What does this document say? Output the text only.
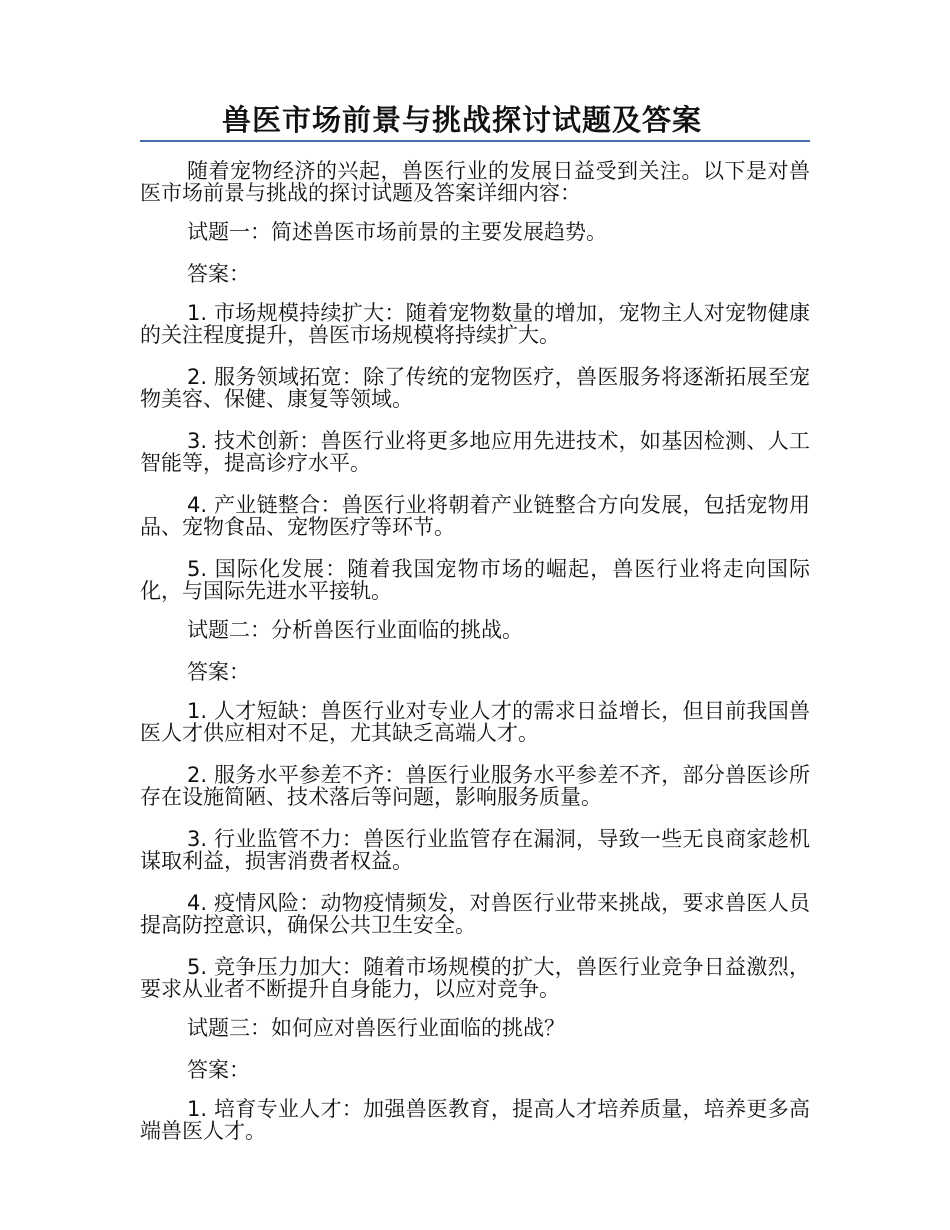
兽医市场前景与挑战探讨试题及答案

随着宠物经济的兴起，兽医行业的发展日益受到关注。以下是对兽医市场前景与挑战的探讨试题及答案详细内容：

试题一：简述兽医市场前景的主要发展趋势。

答案：

1. 市场规模持续扩大：随着宠物数量的增加，宠物主人对宠物健康的关注程度提升，兽医市场规模将持续扩大。

2. 服务领域拓宽：除了传统的宠物医疗，兽医服务将逐渐拓展至宠物美容、保健、康复等领域。

3. 技术创新：兽医行业将更多地应用先进技术，如基因检测、人工智能等，提高诊疗水平。

4. 产业链整合：兽医行业将朝着产业链整合方向发展，包括宠物用品、宠物食品、宠物医疗等环节。

5. 国际化发展：随着我国宠物市场的崛起，兽医行业将走向国际化，与国际先进水平接轨。

试题二：分析兽医行业面临的挑战。

答案：

1. 人才短缺：兽医行业对专业人才的需求日益增长，但目前我国兽医人才供应相对不足，尤其缺乏高端人才。

2. 服务水平参差不齐：兽医行业服务水平参差不齐，部分兽医诊所存在设施简陋、技术落后等问题，影响服务质量。

3. 行业监管不力：兽医行业监管存在漏洞，导致一些无良商家趁机谋取利益，损害消费者权益。

4. 疫情风险：动物疫情频发，对兽医行业带来挑战，要求兽医人员提高防控意识，确保公共卫生安全。

5. 竞争压力加大：随着市场规模的扩大，兽医行业竞争日益激烈，要求从业者不断提升自身能力，以应对竞争。

试题三：如何应对兽医行业面临的挑战？

答案：

1. 培育专业人才：加强兽医教育，提高人才培养质量，培养更多高端兽医人才。
